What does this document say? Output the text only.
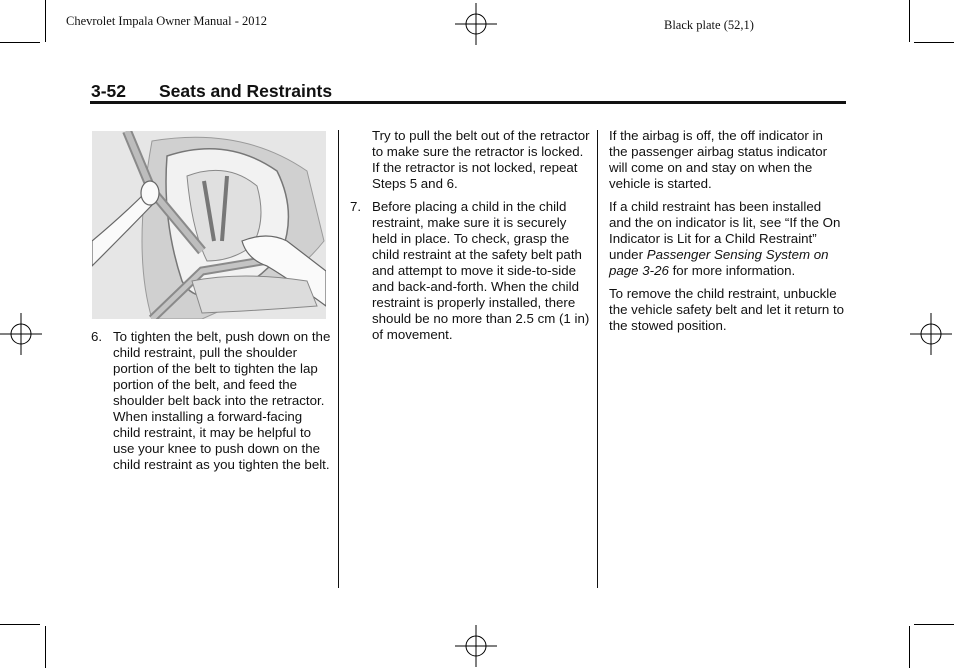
Chevrolet Impala Owner Manual - 2012	Black plate (52,1)
3-52 Seats and Restraints
6. To tighten the belt, push down on the child restraint, pull the shoulder portion of the belt to tighten the lap portion of the belt, and feed the shoulder belt back into the retractor. When installing a forward-facing child restraint, it may be helpful to use your knee to push down on the child restraint as you tighten the belt.

Try to pull the belt out of the retractor to make sure the retractor is locked. If the retractor is not locked, repeat Steps 5 and 6.

7. Before placing a child in the child restraint, make sure it is securely held in place. To check, grasp the child restraint at the safety belt path and attempt to move it side-to-side and back-and-forth. When the child restraint is properly installed, there should be no more than 2.5 cm (1 in) of movement.

If the airbag is off, the off indicator in the passenger airbag status indicator will come on and stay on when the vehicle is started.

If a child restraint has been installed and the on indicator is lit, see “If the On Indicator is Lit for a Child Restraint” under Passenger Sensing System on page 3-26 for more information.

To remove the child restraint, unbuckle the vehicle safety belt and let it return to the stowed position.
